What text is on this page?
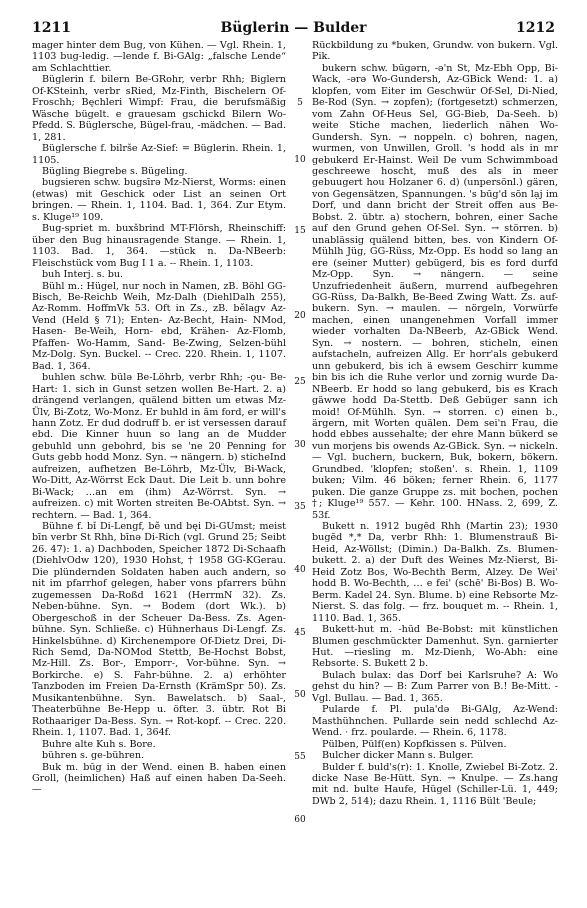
1211	Büglerin — Bulder	1212

mager hinter dem Bug, von Kühen. — Vgl. Rhein. 1, 1103 bug-ledig. —lende f. Bi-GAlg: „falsche Lende“ am Schlachttier.

Büglerin f. bilern Be-GRohr, verbr Rhh; Biglern Of-KSteinh, verbr sRied, Mz-Finth, Bischelern Of-Froschh; Bęchleri Wimpf: Frau, die berufsmäßig Wäsche bügelt. e grauesam gschickd Bilern Wo-Pfedd. S. Büglersche, Bügel-frau, -mädchen. — Bad. 1, 281.

Büglersche f. bilrše Az-Sief: = Büglerin. Rhein. 1, 1105.

Bügling Biegrebe s. Bügeling.

bugsieren schw. bugsīrə Mz-Nierst, Worms: einen (etwas) mit Geschick oder List an seinen Ort bringen. — Rhein. 1, 1104. Bad. 1, 364. Zur Etym. s. Kluge¹⁹ 109.

Bug-spriet m. buxšbrind MT-Flörsh, Rheinschiff: über den Bug hinausragende Stange. — Rhein. 1, 1103. Bad. 1, 364. —stück n. Da-NBeerb: Fleischstück vom Bug I 1 a. -- Rhein. 1, 1103.

buh Interj. s. bu.

Bühl m.: Hügel, nur noch in Namen, zB. Böhl GG-Bisch, Be-Reichb Weih, Mz-Dalh (DiehlDalh 255), Az-Romm. HoffmVk 53. Oft in Zs., zB. bělagv Az-Vend (Held § 71); Enten- Az-Becht, Hain- NMod, Hasen- Be-Weih, Horn- ebd, Krähen- Az-Flomb, Pfaffen- Wo-Hamm, Sand- Be-Zwing, Selzen-bühl Mz-Dolg. Syn. Buckel. -- Crec. 220. Rhein. 1, 1107. Bad. 1, 364.

buhlen schw. bülə Be-Löhrb, verbr Rhh; -ǫu- Be-Hart: 1. sich in Gunst setzen wollen Be-Hart. 2. a) drängend verlangen, quälend bitten um etwas Mz-Ülv, Bi-Zotz, Wo-Monz. Er buhld in ām ford, er will's hann Zotz. Er dud dodruff b. er ist versessen darauf ebd. Die Kinner huun so lang an de Mudder gebuhld unn gebohrd, bis se 'ne 20 Penning for Guts gebb hodd Monz. Syn. → nängern. b) sticheInd aufreizen, aufhetzen Be-Löhrb, Mz-Ülv, Bi-Wack, Wo-Ditt, Az-Wörrst Eck Daut. Die Leit b. unn bohre Bi-Wack; …an em (ihm) Az-Wörrst. Syn. → aufreizen. c) mit Worten streiten Be-OAbtst. Syn. → rechtern. — Bad. 1, 364.

Bühne f. bǐ Di-Lengf, bẽ und bęi Di-GUmst; meist bīn verbr St Rhh, bīnə Di-Rich (vgl. Grund 25; Seibt 26. 47): 1. a) Dachboden, Speicher 1872 Di-Schaafh (DiehlvOdw 120), 1930 Hohst, † 1958 GG-KGerau. Die plündernden Soldaten haben auch andern, so nit im pfarrhof gelegen, haber vons pfarrers bühn zugemessen Da-Roßd 1621 (HerrmN 32). Zs. Neben-bühne. Syn. → Bodem (dort Wk.). b) Obergeschoß in der Scheuer Da-Bess. Zs. Agen-bühne. Syn. Schließe. c) Hühnerhaus Di-Lengf. Zs. Hinkelsbühne. d) Kirchenempore Of-Dietz Drei, Di-Rich Semd, Da-NOMod Stettb, Be-Hochst Bobst, Mz-Hill. Zs. Bor-, Emporr-, Vor-bühne. Syn. → Borkirche. e) S. Fahr-bühne. 2. a) erhöhter Tanzboden im Freien Da-Ernsth (KrämSpr 50). Zs. Musikantenbühne. Syn. Bawelatsch. b) Saal-, Theaterbühne Be-Hepp u. öfter. 3. übtr. Rot Bi Rothaariger Da-Bess. Syn. → Rot-kopf. -- Crec. 220. Rhein. 1, 1107. Bad. 1, 364f.

Buhre alte Kuh s. Bore.

bühren s. ge-bühren.

Buk m. būg in der Wend. einen B. haben einen Groll, (heimlichen) Haß auf einen haben Da-Seeh. —

5
10
15
20
25
30
35
40
45
50
55
60

Rückbildung zu *buken, Grundw. von bukern. Vgl. Pik.

bukern schw. būgərn, -ə'n St, Mz-Ebh Opp, Bi-Wack, -ərə Wo-Gundersh, Az-GBick Wend: 1. a) klopfen, vom Eiter im Geschwür Of-Sel, Di-Nied, Be-Rod (Syn. → zopfen); (fortgesetzt) schmerzen, vom Zahn Of-Heus Sel, GG-Bieb, Da-Seeh. b) weite Stiche machen, liederlich nähen Wo-Gundersh. Syn. → noppeln. c) bohren, nagen, wurmen, von Unwillen, Groll. 's hodd als in mr gebukerd Er-Hainst. Weil De vum Schwimmboad geschreewe hoscht, muß des als in meer gebuugert hou Holzaner 6. d) (unpersönl.) gären, von Gegensätzen, Spannungen. 's būg'd sōn lạj im Dorf, und dann bricht der Streit offen aus Be-Bobst. 2. übtr. a) stochern, bohren, einer Sache auf den Grund gehen Of-Sel. Syn. → störren. b) unablässig quälend bitten, bes. von Kindern Of-Mühlh Jüg, GG-Rüss, Mz-Opp. Es hodd so lang an ere (seiner Mutter) gebügerd, bis es ford durfd Mz-Opp. Syn. → nängern. — seine Unzufriedenheit äußern, murrend aufbegehren GG-Rüss, Da-Balkh, Be-Beed Zwing Watt. Zs. auf-bukern. Syn. → maulen. — nörgeln, Vorwürfe machen, einen unangenehmen Vorfall immer wieder vorhalten Da-NBeerb, Az-GBick Wend. Syn. → nostern. — bohren, sticheln, einen aufstacheln, aufreizen Allg. Er horr'als gebukerd unn gebukerd, bis ich ä ewsem Geschirr kumme bin bis ich die Ruhe verlor und zornig wurde Da-NBeerb. Er hodd so lang gebukerd, bis es Krach gäwwe hodd Da-Stettb. Deß Gebüger sann ich moid! Of-Mühlh. Syn. → storren. c) einen b., ärgern, mit Worten quälen. Dem sei'n Frau, die hodd ebbes aussehalte; der ehre Mann bükerd se vun morjens bis owends Az-GBick. Syn. → nickeln. — Vgl. buchern, buckern, Buk, bokern, bökern. Grundbed. 'klopfen; stoßen'. s. Rhein. 1, 1109 buken; Vilm. 46 böken; ferner Rhein. 6, 1177 puken. Die ganze Gruppe zs. mit bochen, pochen †; Kluge¹⁹ 557. — Kehr. 100. HNass. 2, 699, Z. 53f.

Bukett n. 1912 bugēd Rhh (Martin 23); 1930 bugēd *,* Da, verbr Rhh: 1. Blumenstrauß Bi-Heid, Az-Wöllst; (Dimin.) Da-Balkh. Zs. Blumen-bukett. 2. a) der Duft des Weines Mz-Nierst, Bi-Heid Zotz Bos, Wo-Bechth Berm, Alzey. De Wei' hodd B. Wo-Bechth, … e fei' (schē' Bi-Bos) B. Wo-Berm. Kadel 24. Syn. Blume. b) eine Rebsorte Mz-Nierst. S. das folg. — frz. bouquet m. -- Rhein. 1, 1110. Bad. 1, 365.

Bukett-hut m. -hūd Be-Bobst: mit künstlichen Blumen geschmückter Damenhut. Syn. garnierter Hut. —riesling m. Mz-Dienh, Wo-Abh: eine Rebsorte. S. Bukett 2 b.

Bulach bulax: das Dorf bei Karlsruhe? A: Wo gehst du hin? — B: Zum Parrer von B.! Be-Mitt. - Vgl. Bullau. — Bad. 1, 365.

Pularde f. Pl. pula'də Bi-GAlg, Az-Wend: Masthühnchen. Pullarde sein nedd schlechd Az-Wend. · frz. poularde. — Rhein. 6, 1178.

Pülben, Pülf(en) Kopfkissen s. Pülven.

Bulcher dicker Mann s. Bulger.

Bulder f. buld's(r): 1. Knolle, Zwiebel Bi-Zotz. 2. dicke Nase Be-Hütt. Syn. → Knulpe. — Zs.hang mit nd. bulte Haufe, Hügel (Schiller-Lü. 1, 449; DWb 2, 514); dazu Rhein. 1, 1116 Bült 'Beule;
